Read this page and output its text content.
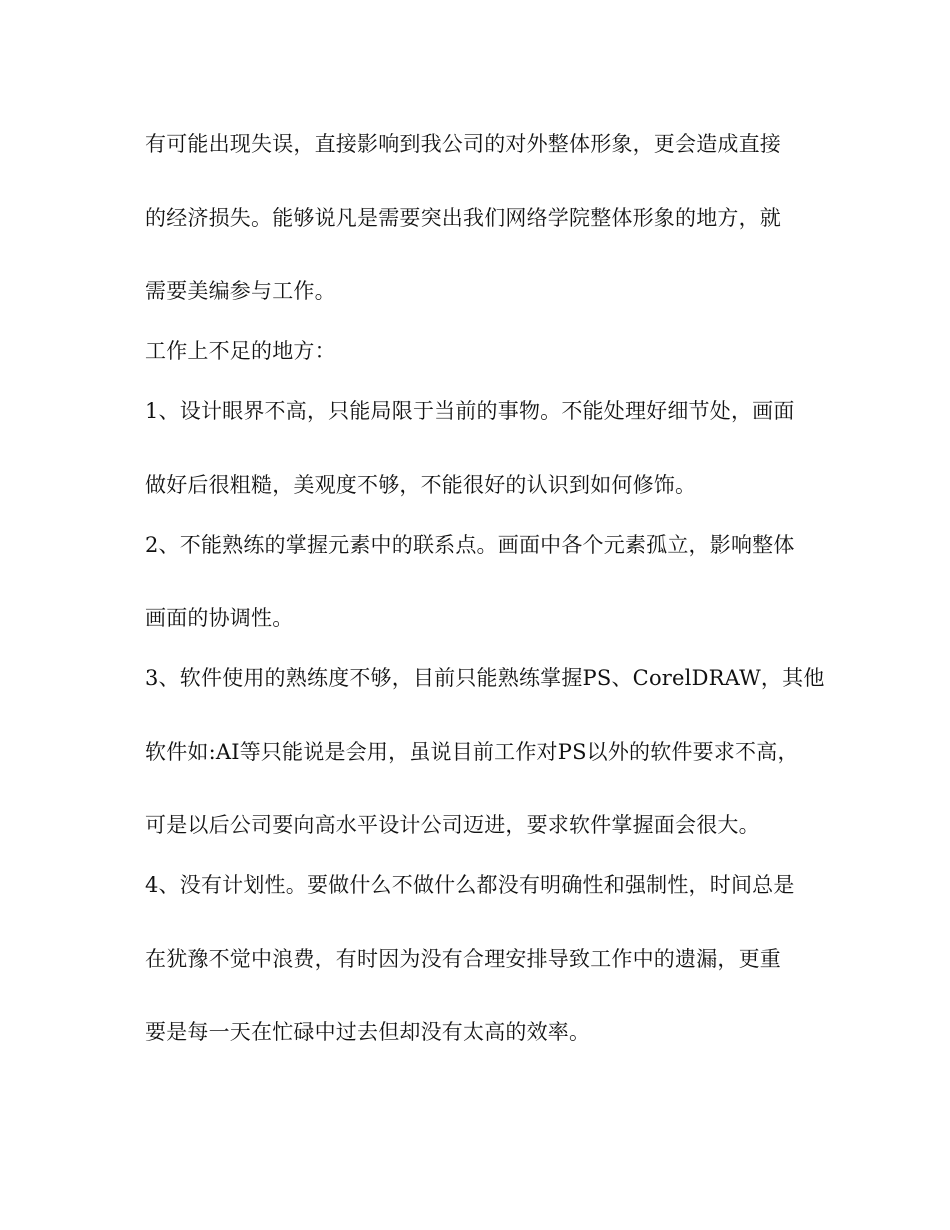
有可能出现失误，直接影响到我公司的对外整体形象，更会造成直接
的经济损失。能够说凡是需要突出我们网络学院整体形象的地方，就
需要美编参与工作。
工作上不足的地方：
1、设计眼界不高，只能局限于当前的事物。不能处理好细节处，画面
做好后很粗糙，美观度不够，不能很好的认识到如何修饰。
2、不能熟练的掌握元素中的联系点。画面中各个元素孤立，影响整体
画面的协调性。
3、软件使用的熟练度不够，目前只能熟练掌握PS、CorelDRAW，其他
软件如:AI等只能说是会用，虽说目前工作对PS以外的软件要求不高，
可是以后公司要向高水平设计公司迈进，要求软件掌握面会很大。
4、没有计划性。要做什么不做什么都没有明确性和强制性，时间总是
在犹豫不觉中浪费，有时因为没有合理安排导致工作中的遗漏，更重
要是每一天在忙碌中过去但却没有太高的效率。
